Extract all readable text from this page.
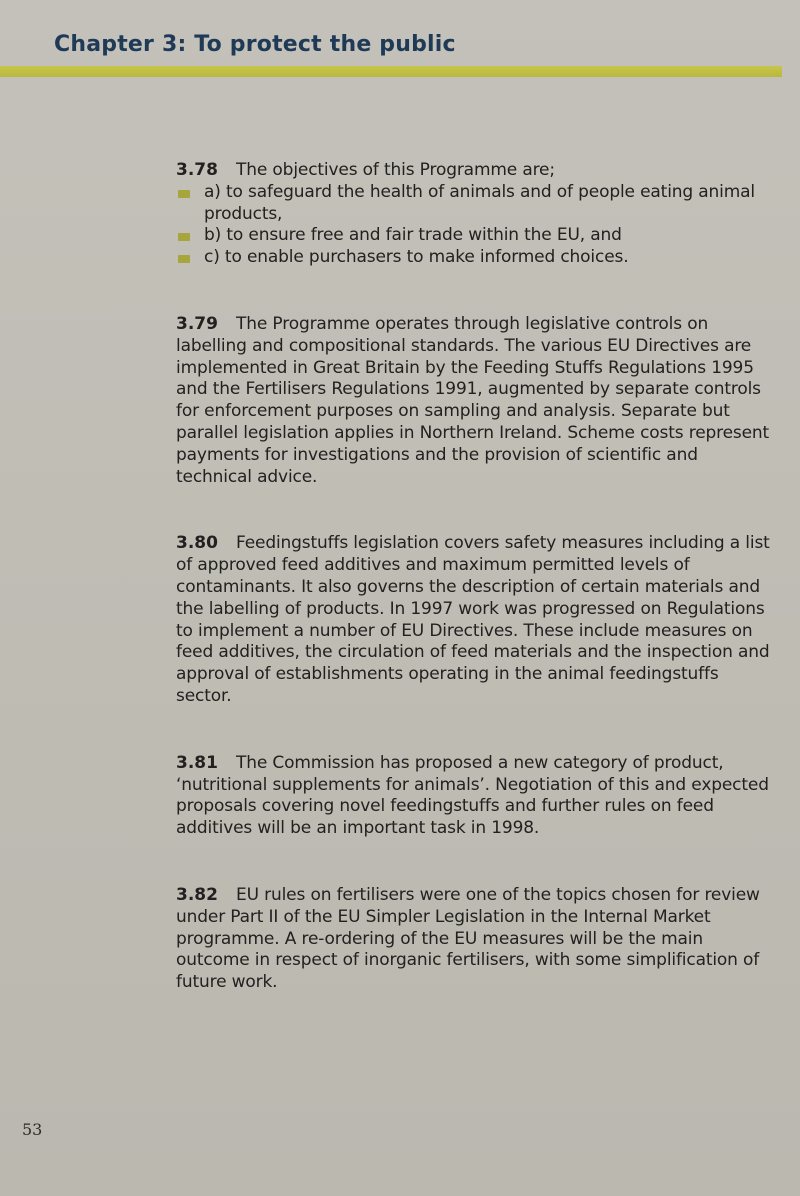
Chapter 3: To protect the public
3.78 The objectives of this Programme are;
a) to safeguard the health of animals and of people eating animal products,
b) to ensure free and fair trade within the EU, and
c) to enable purchasers to make informed choices.
3.79 The Programme operates through legislative controls on labelling and compositional standards. The various EU Directives are implemented in Great Britain by the Feeding Stuffs Regulations 1995 and the Fertilisers Regulations 1991, augmented by separate controls for enforcement purposes on sampling and analysis. Separate but parallel legislation applies in Northern Ireland. Scheme costs represent payments for investigations and the provision of scientific and technical advice.
3.80 Feedingstuffs legislation covers safety measures including a list of approved feed additives and maximum permitted levels of contaminants. It also governs the description of certain materials and the labelling of products. In 1997 work was progressed on Regulations to implement a number of EU Directives. These include measures on feed additives, the circulation of feed materials and the inspection and approval of establishments operating in the animal feedingstuffs sector.
3.81 The Commission has proposed a new category of product, ‘nutritional supplements for animals’. Negotiation of this and expected proposals covering novel feedingstuffs and further rules on feed additives will be an important task in 1998.
3.82 EU rules on fertilisers were one of the topics chosen for review under Part II of the EU Simpler Legislation in the Internal Market programme. A re-ordering of the EU measures will be the main outcome in respect of inorganic fertilisers, with some simplification of future work.
53
